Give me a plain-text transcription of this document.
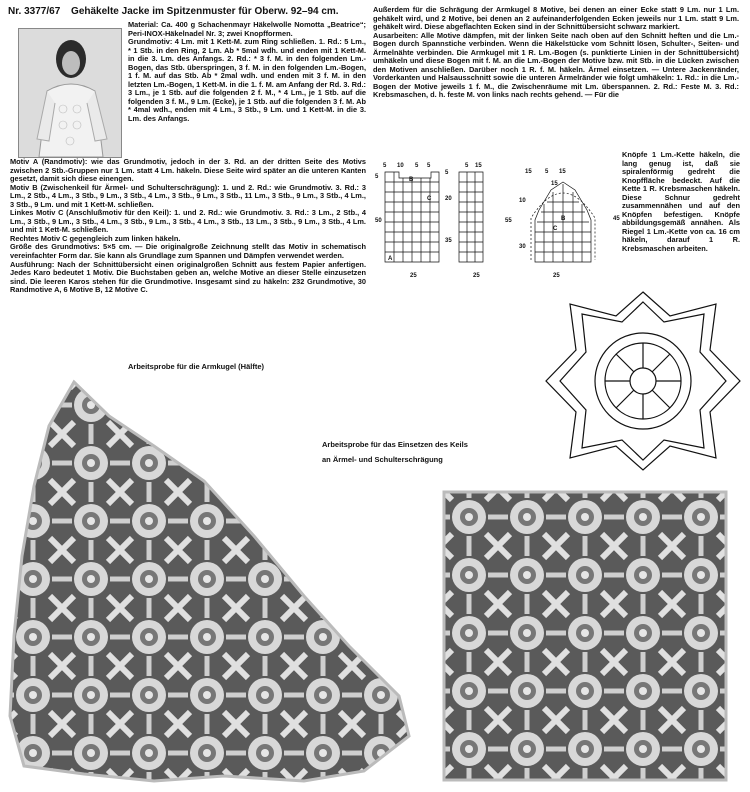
Nr. 3377/67 Gehäkelte Jacke im Spitzenmuster für Oberw. 92–94 cm.

Material: Ca. 400 g Schachenmayr Häkelwolle Nomotta „Beatrice“; Peri-INOX-Häkelnadel Nr. 3; zwei Knopfformen.

Grundmotiv: 4 Lm. mit 1 Kett-M. zum Ring schließen. 1. Rd.: 5 Lm., * 1 Stb. in den Ring, 2 Lm. Ab * 5mal wdh. und enden mit 1 Kett-M. in die 3. Lm. des Anfangs. 2. Rd.: * 3 f. M. in den folgenden Lm.-Bogen, das Stb. überspringen, 3 f. M. in den folgenden Lm.-Bogen, 1 f. M. auf das Stb. Ab * 2mal wdh. und enden mit 3 f. M. in den letzten Lm.-Bogen, 1 Kett-M. in die 1. f. M. am Anfang der Rd. 3. Rd.: 3 Lm., je 1 Stb. auf die folgenden 2 f. M., * 4 Lm., je 1 Stb. auf die folgenden 3 f. M., 9 Lm. (Ecke), je 1 Stb. auf die folgenden 3 f. M. Ab * 4mal wdh., enden mit 4 Lm., 3 Stb., 9 Lm. und 1 Kett-M. in die 3. Lm. des Anfangs.

Motiv A (Randmotiv): wie das Grundmotiv, jedoch in der 3. Rd. an der dritten Seite des Motivs zwischen 2 Stb.-Gruppen nur 1 Lm. statt 4 Lm. häkeln. Diese Seite wird später an die unteren Kanten gesetzt, damit sich diese einengen.

Motiv B (Zwischenkeil für Ärmel- und Schulterschrägung): 1. und 2. Rd.: wie Grundmotiv. 3. Rd.: 3 Lm., 2 Stb., 4 Lm., 3 Stb., 9 Lm., 3 Stb., 4 Lm., 3 Stb., 9 Lm., 3 Stb., 11 Lm., 3 Stb., 9 Lm., 3 Stb., 4 Lm., 3 Stb., 9 Lm. und mit 1 Kett-M. schließen.

Linkes Motiv C (Anschlußmotiv für den Keil): 1. und 2. Rd.: wie Grundmotiv. 3. Rd.: 3 Lm., 2 Stb., 4 Lm., 3 Stb., 9 Lm., 3 Stb., 4 Lm., 3 Stb., 9 Lm., 3 Stb., 4 Lm., 3 Stb., 13 Lm., 3 Stb., 9 Lm., 3 Stb., 4 Lm. und mit 1 Kett-M. schließen.

Rechtes Motiv C gegengleich zum linken häkeln.

Größe des Grundmotivs: 5×5 cm. — Die originalgroße Zeichnung stellt das Motiv in schematisch vereinfachter Form dar. Sie kann als Grundlage zum Spannen und Dämpfen verwendet werden.

Ausführung: Nach der Schnittübersicht einen originalgroßen Schnitt aus festem Papier anfertigen. Jedes Karo bedeutet 1 Motiv. Die Buchstaben geben an, welche Motive an dieser Stelle einzusetzen sind. Die leeren Karos stehen für die Grundmotive. Insgesamt sind zu häkeln: 232 Grundmotive, 30 Randmotive A, 6 Motive B, 12 Motive C.

Außerdem für die Schrägung der Armkugel 8 Motive, bei denen an einer Ecke statt 9 Lm. nur 1 Lm. gehäkelt wird, und 2 Motive, bei denen an 2 aufeinanderfolgenden Ecken jeweils nur 1 Lm. statt 9 Lm. gehäkelt wird. Diese abgeflachten Ecken sind in der Schnittübersicht schwarz markiert.

Ausarbeiten: Alle Motive dämpfen, mit der linken Seite nach oben auf den Schnitt heften und die Lm.-Bogen durch Spannstiche verbinden. Wenn die Häkelstücke vom Schnitt lösen, Schulter-, Seiten- und Ärmelnähte verbinden. Die Armkugel mit 1 R. Lm.-Bogen (s. punktierte Linien in der Schnittübersicht) umhäkeln und diese Bogen mit f. M. an die Lm.-Bogen der Motive bzw. mit Stb. in die Lücken zwischen den Motiven anschließen. Darüber noch 1 R. f. M. häkeln. Ärmel einsetzen. — Untere Jackenränder, Vorderkanten und Halsausschnitt sowie die unteren Ärmelränder wie folgt umhäkeln: 1. Rd.: in die Lm.-Bogen der Motive jeweils 1 f. M., die Zwischenräume mit Lm. überspannen. 2. Rd.: Feste M. 3. Rd.: Krebsmaschen, d. h. feste M. von links nach rechts gehend. — Für die

Knöpfe 1 Lm.-Kette häkeln, die lang genug ist, daß sie spiralenförmig gedreht die Knopffläche bedeckt. Auf die Kette 1 R. Krebsmaschen häkeln. Diese Schnur gedreht zusammennähen und auf den Knöpfen befestigen. Knöpfe abbildungsgemäß annähen. Als Riegel 1 Lm.-Kette von ca. 16 cm häkeln, darauf 1 R. Krebsmaschen arbeiten.

5 10 5 5	5 15
15 5 15
15
5
50
35
20
5
55	45
30
10
25	25	25
B
C
A
C
B
Arbeitsprobe für die Armkugel (Hälfte)
Arbeitsprobe für das Einsetzen des Keils
an Ärmel- und Schulterschrägung
